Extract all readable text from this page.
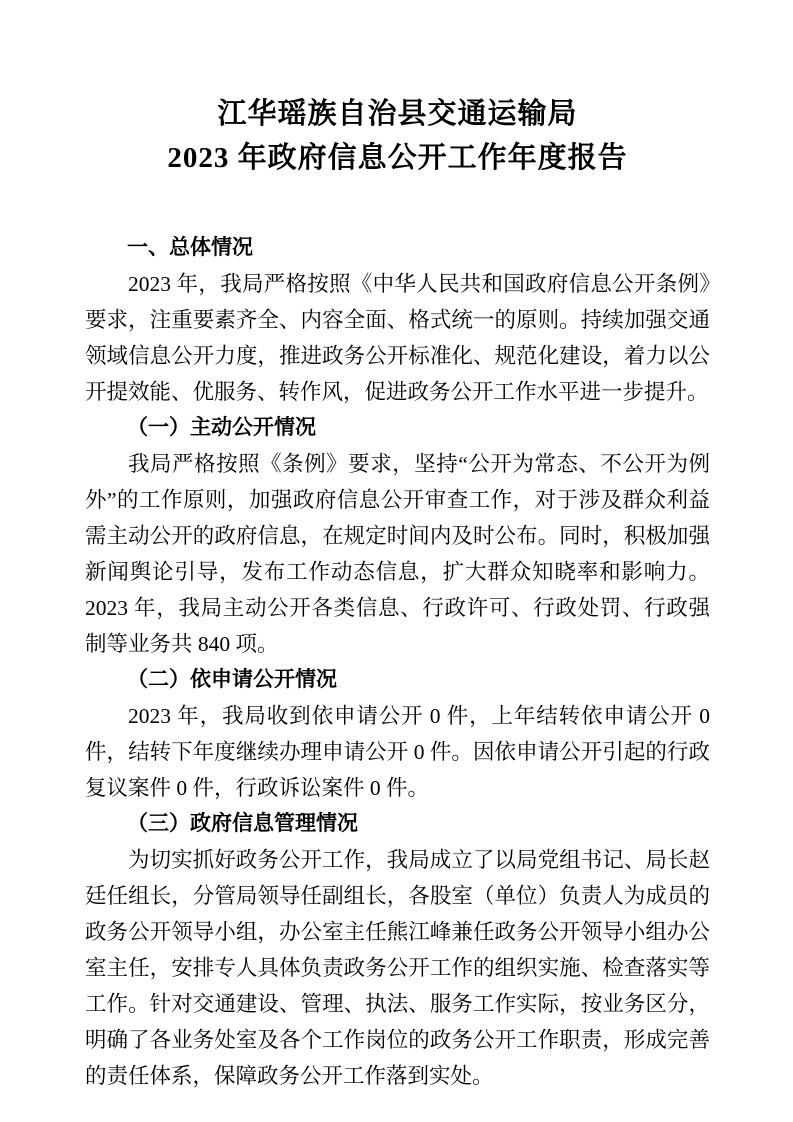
江华瑶族自治县交通运输局
2023 年政府信息公开工作年度报告
一、总体情况

2023 年，我局严格按照《中华人民共和国政府信息公开条例》要求，注重要素齐全、内容全面、格式统一的原则。持续加强交通领域信息公开力度，推进政务公开标准化、规范化建设，着力以公开提效能、优服务、转作风，促进政务公开工作水平进一步提升。

（一）主动公开情况

我局严格按照《条例》要求，坚持“公开为常态、不公开为例外”的工作原则，加强政府信息公开审查工作，对于涉及群众利益需主动公开的政府信息，在规定时间内及时公布。同时，积极加强新闻舆论引导，发布工作动态信息，扩大群众知晓率和影响力。2023 年，我局主动公开各类信息、行政许可、行政处罚、行政强制等业务共 840 项。

（二）依申请公开情况

2023 年，我局收到依申请公开 0 件，上年结转依申请公开 0 件，结转下年度继续办理申请公开 0 件。因依申请公开引起的行政复议案件 0 件，行政诉讼案件 0 件。

（三）政府信息管理情况

为切实抓好政务公开工作，我局成立了以局党组书记、局长赵廷任组长，分管局领导任副组长，各股室（单位）负责人为成员的政务公开领导小组，办公室主任熊江峰兼任政务公开领导小组办公室主任，安排专人具体负责政务公开工作的组织实施、检查落实等工作。针对交通建设、管理、执法、服务工作实际，按业务区分，明确了各业务处室及各个工作岗位的政务公开工作职责，形成完善的责任体系，保障政务公开工作落到实处。
